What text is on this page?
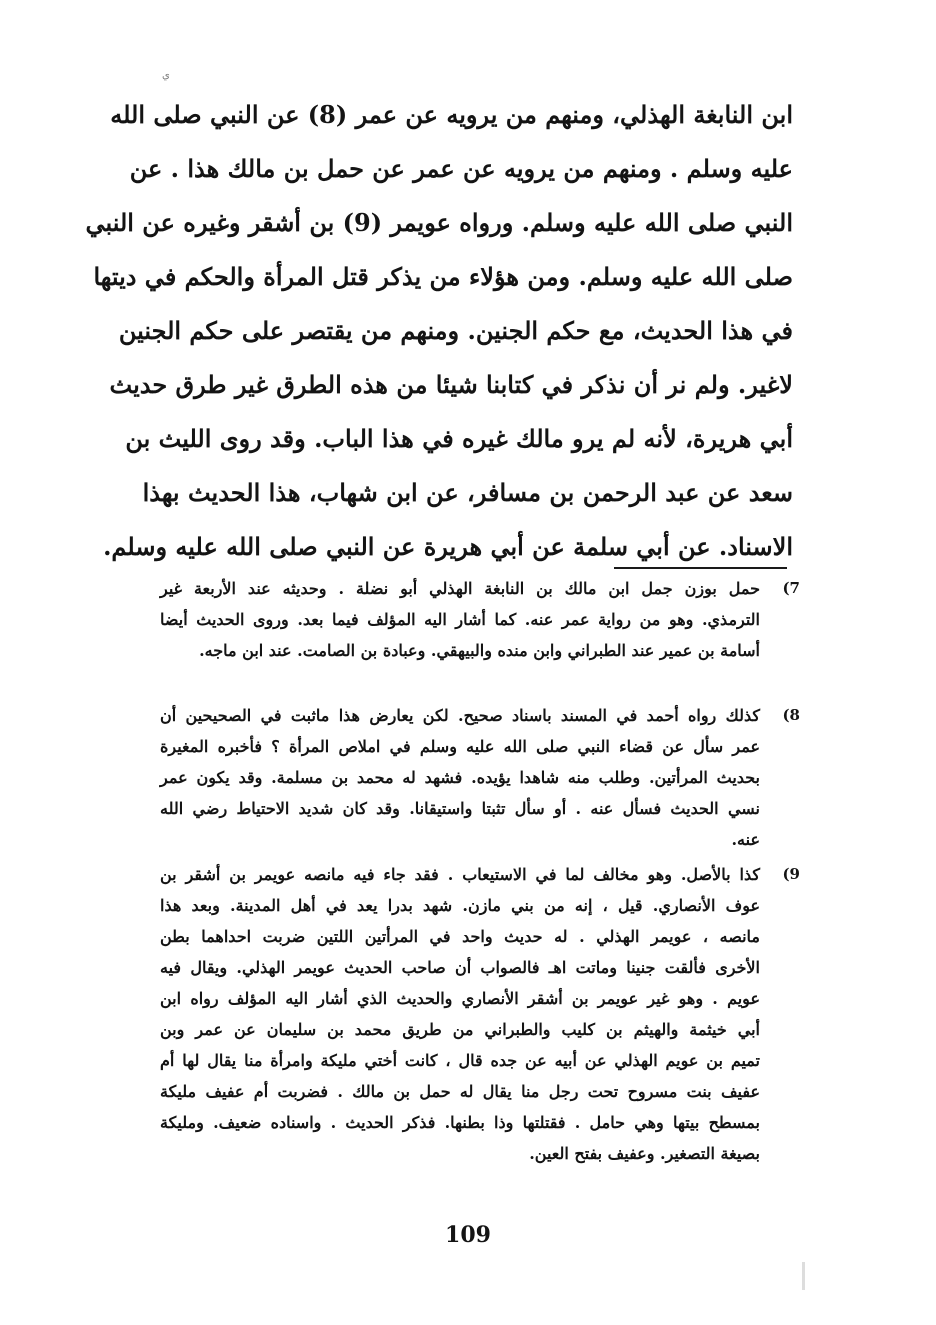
ي
ابن النابغة الهذلي، ومنهم من يرويه عن عمر (8) عن النبي صلى الله
عليه وسلم . ومنهم من يرويه عن عمر عن حمل بن مالك هذا . عن
النبي صلى الله عليه وسلم. ورواه عويمر (9) بن أشقر وغيره عن النبي
صلى الله عليه وسلم. ومن هؤلاء من يذكر قتل المرأة والحكم في ديتها
في هذا الحديث، مع حكم الجنين. ومنهم من يقتصر على حكم الجنين
لاغير. ولم نر أن نذكر في كتابنا شيئا من هذه الطرق غير طرق حديث
أبي هريرة، لأنه لم يرو مالك غيره في هذا الباب. وقد روى الليث بن
سعد عن عبد الرحمن بن مسافر، عن ابن شهاب، هذا الحديث بهذا
الاسناد. عن أبي سلمة عن أبي هريرة عن النبي صلى الله عليه وسلم.
(7
حمل بوزن جمل ابن مالك بن النابغة الهذلي أبو نضلة . وحديثه عند الأربعة غير
الترمذي. وهو من رواية عمر عنه. كما أشار اليه المؤلف فيما بعد. وروى الحديث أيضا
أسامة بن عمير عند الطبراني وابن منده والبيهقي. وعبادة بن الصامت. عند ابن ماجه.
(8
كذلك رواه أحمد في المسند باسناد صحيح. لكن يعارض هذا ماثبت في الصحيحين أن
عمر سأل عن قضاء النبي صلى الله عليه وسلم في املاص المرأة ؟ فأخبره المغيرة
بحديث المرأتين. وطلب منه شاهدا يؤيده. فشهد له محمد بن مسلمة. وقد يكون عمر
نسي الحديث فسأل عنه . أو سأل تثبتا واستيقانا. وقد كان شديد الاحتياط رضي الله
عنه.
(9
كذا بالأصل. وهو مخالف لما في الاستيعاب . فقد جاء فيه مانصه عويمر بن أشقر بن
عوف الأنصاري. قيل ، إنه من بني مازن. شهد بدرا يعد في أهل المدينة. وبعد هذا
مانصه ، عويمر الهذلي . له حديث واحد في المرأتين اللتين ضربت احداهما بطن
الأخرى فألقت جنينا وماتت اهـ فالصواب أن صاحب الحديث عويمر الهذلي. ويقال فيه
عويم . وهو غير عويمر بن أشقر الأنصاري والحديث الذي أشار اليه المؤلف رواه ابن
أبي خيثمة والهيثم بن كليب والطبراني من طريق محمد بن سليمان عن عمر وبن
تميم بن عويم الهذلي عن أبيه عن جده قال ، كانت أختي مليكة وامرأة منا يقال لها أم
عفيف بنت مسروح تحت رجل منا يقال له حمل بن مالك . فضربت أم عفيف مليكة
بمسطح بيتها وهي حامل . فقتلتها وذا بطنها. فذكر الحديث . واسناده ضعيف. ومليكة
بصيغة التصغير. وعفيف بفتح العين.
109
